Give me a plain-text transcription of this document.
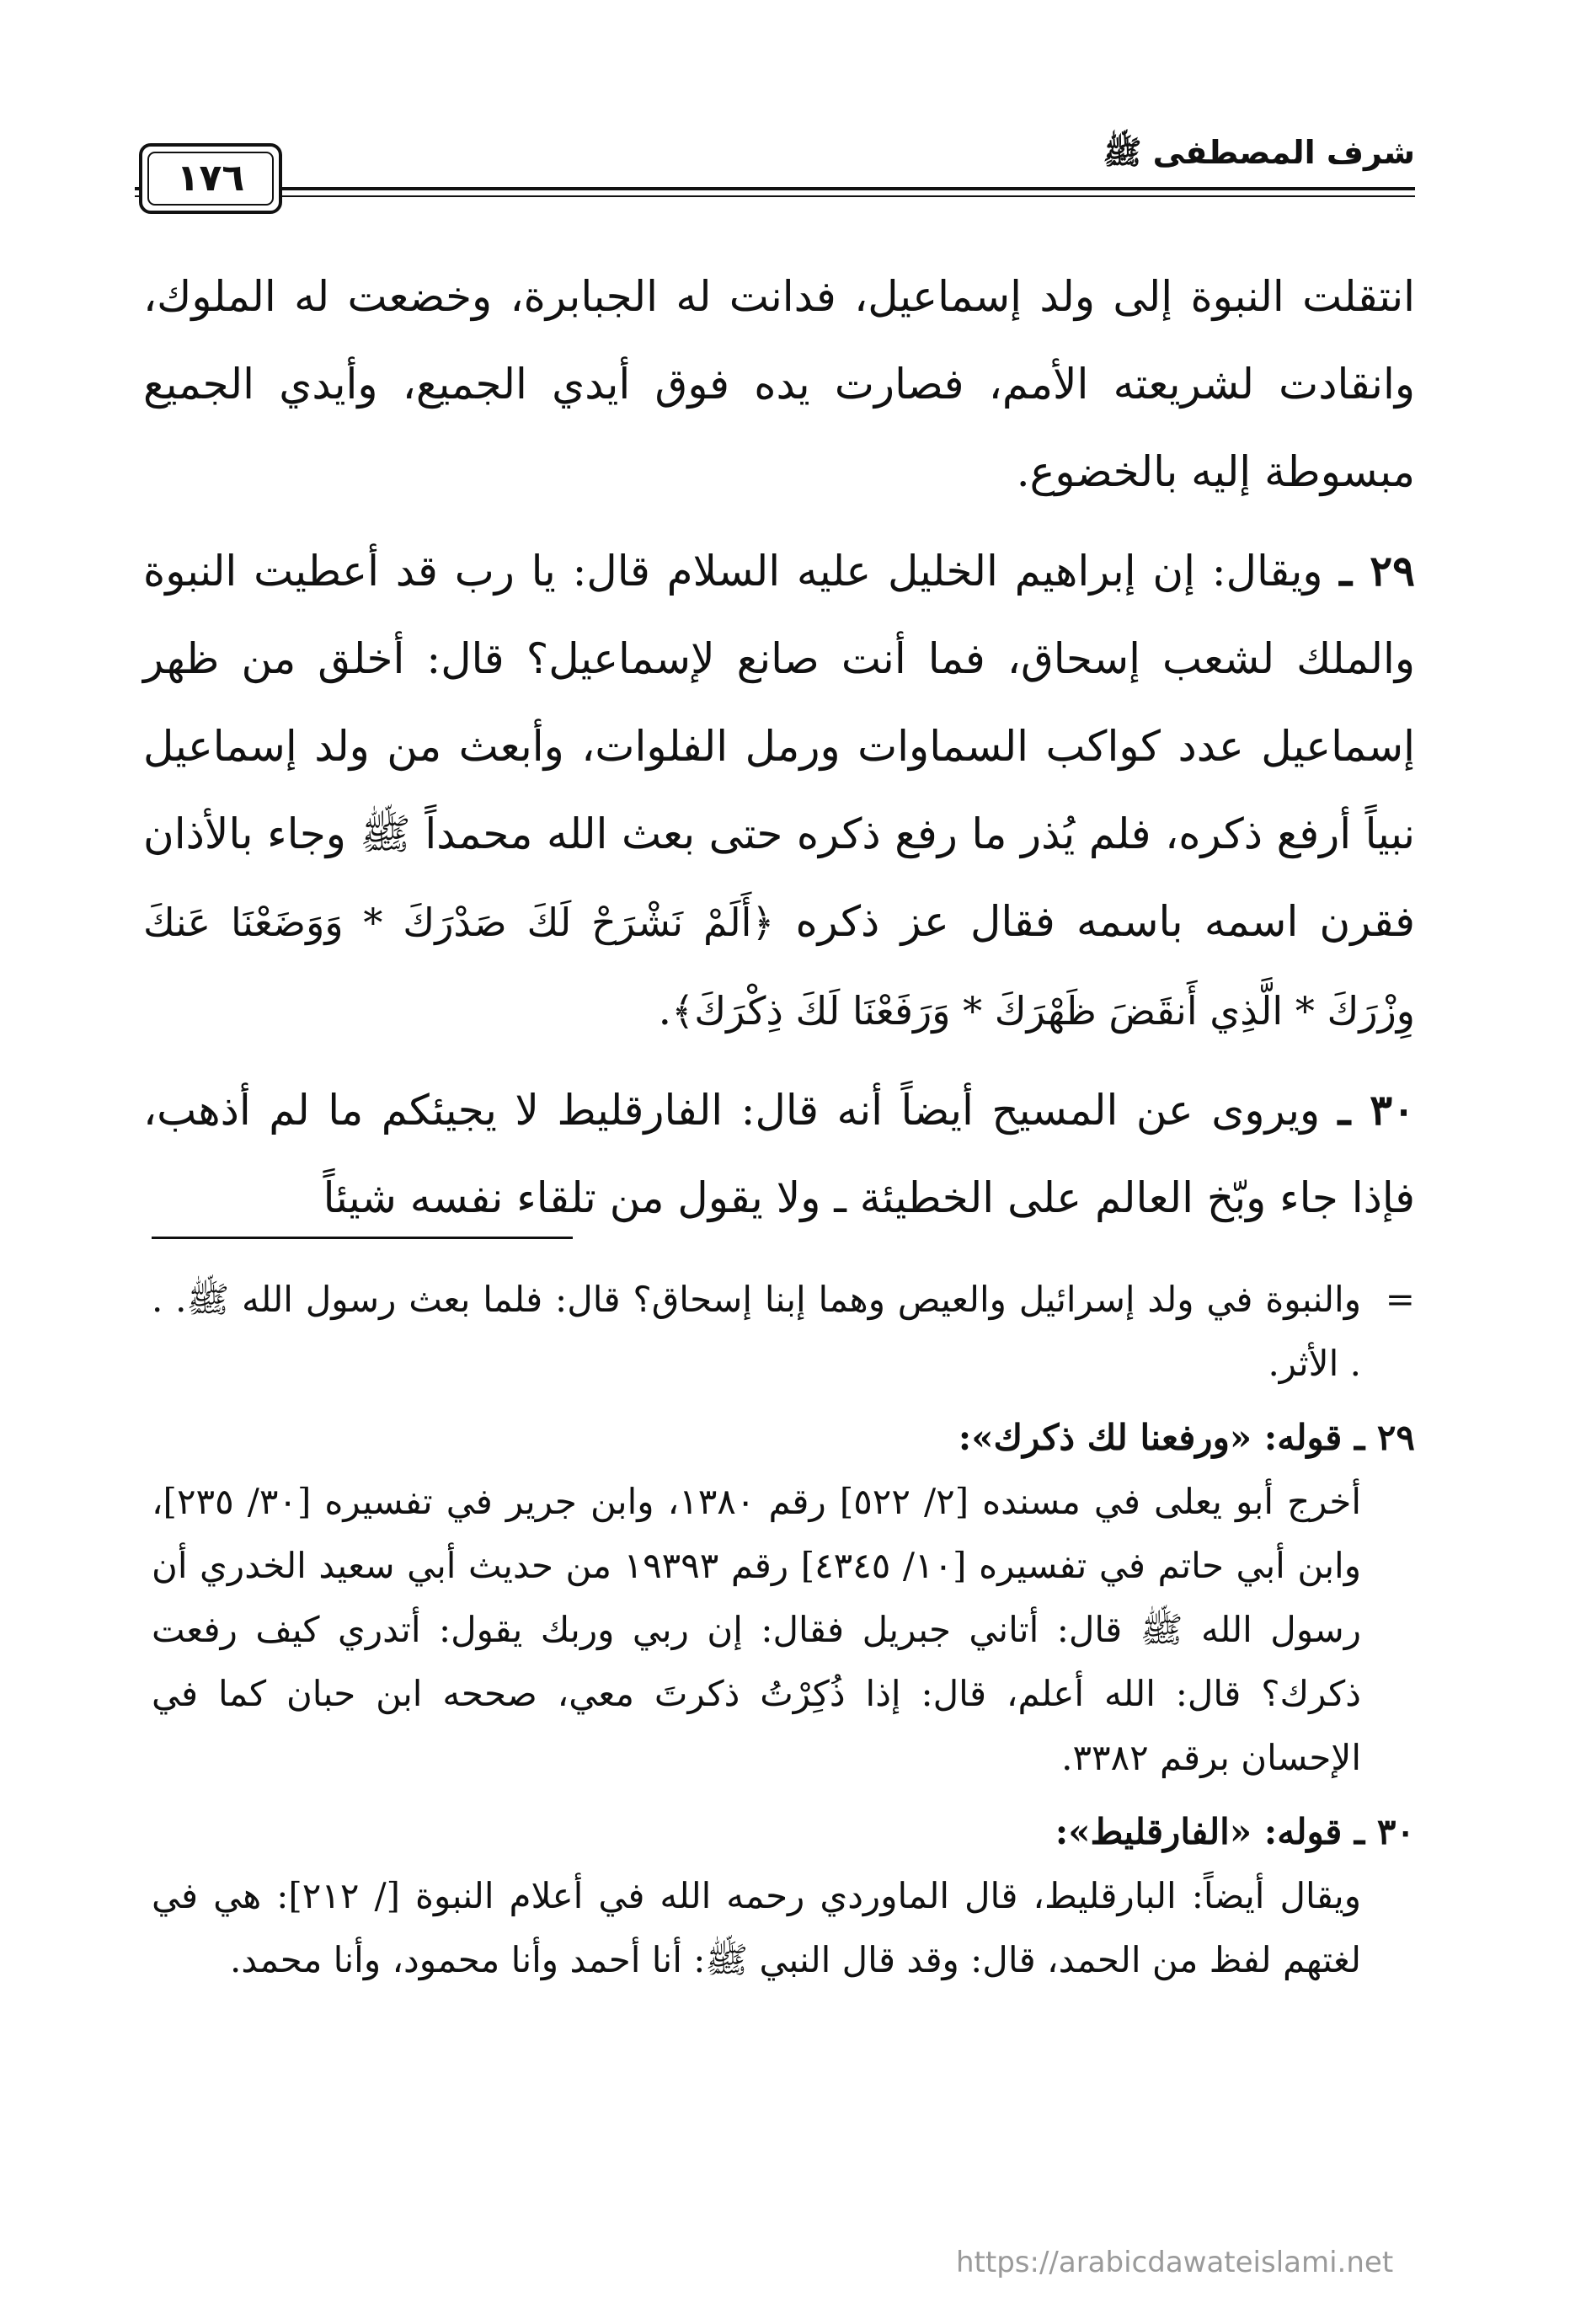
شرف المصطفى ﷺ
١٧٦

انتقلت النبوة إلى ولد إسماعيل، فدانت له الجبابرة، وخضعت له الملوك، وانقادت لشريعته الأمم، فصارت يده فوق أيدي الجميع، وأيدي الجميع مبسوطة إليه بالخضوع.

٢٩ ـ ويقال: إن إبراهيم الخليل عليه السلام قال: يا رب قد أعطيت النبوة والملك لشعب إسحاق، فما أنت صانع لإسماعيل؟ قال: أخلق من ظهر إسماعيل عدد كواكب السماوات ورمل الفلوات، وأبعث من ولد إسماعيل نبياً أرفع ذكره، فلم يُذر ما رفع ذكره حتى بعث الله محمداً ﷺ وجاء بالأذان فقرن اسمه باسمه فقال عز ذكره ﴿أَلَمْ نَشْرَحْ لَكَ صَدْرَكَ * وَوَضَعْنَا عَنكَ وِزْرَكَ * الَّذِي أَنقَضَ ظَهْرَكَ * وَرَفَعْنَا لَكَ ذِكْرَكَ﴾.

٣٠ ـ ويروى عن المسيح أيضاً أنه قال: الفارقليط لا يجيئكم ما لم أذهب، فإذا جاء وبّخ العالم على الخطيئة ـ ولا يقول من تلقاء نفسه شيئاً

=
والنبوة في ولد إسرائيل والعيص وهما إبنا إسحاق؟ قال: فلما بعث رسول الله ﷺ. . . الأثر.
٢٩ ـ قوله: «ورفعنا لك ذكرك»:
أخرج أبو يعلى في مسنده [٢/ ٥٢٢] رقم ١٣٨٠، وابن جرير في تفسيره [٣٠/ ٢٣٥]، وابن أبي حاتم في تفسيره [١٠/ ٤٣٤٥] رقم ١٩٣٩٣ من حديث أبي سعيد الخدري أن رسول الله ﷺ قال: أتاني جبريل فقال: إن ربي وربك يقول: أتدري كيف رفعت ذكرك؟ قال: الله أعلم، قال: إذا ذُكِرْتُ ذكرتَ معي، صححه ابن حبان كما في الإحسان برقم ٣٣٨٢.
٣٠ ـ قوله: «الفارقليط»:
ويقال أيضاً: البارقليط، قال الماوردي رحمه الله في أعلام النبوة [/ ٢١٢]: هي في لغتهم لفظ من الحمد، قال: وقد قال النبي ﷺ: أنا أحمد وأنا محمود، وأنا محمد.
https://arabicdawateislami.net
